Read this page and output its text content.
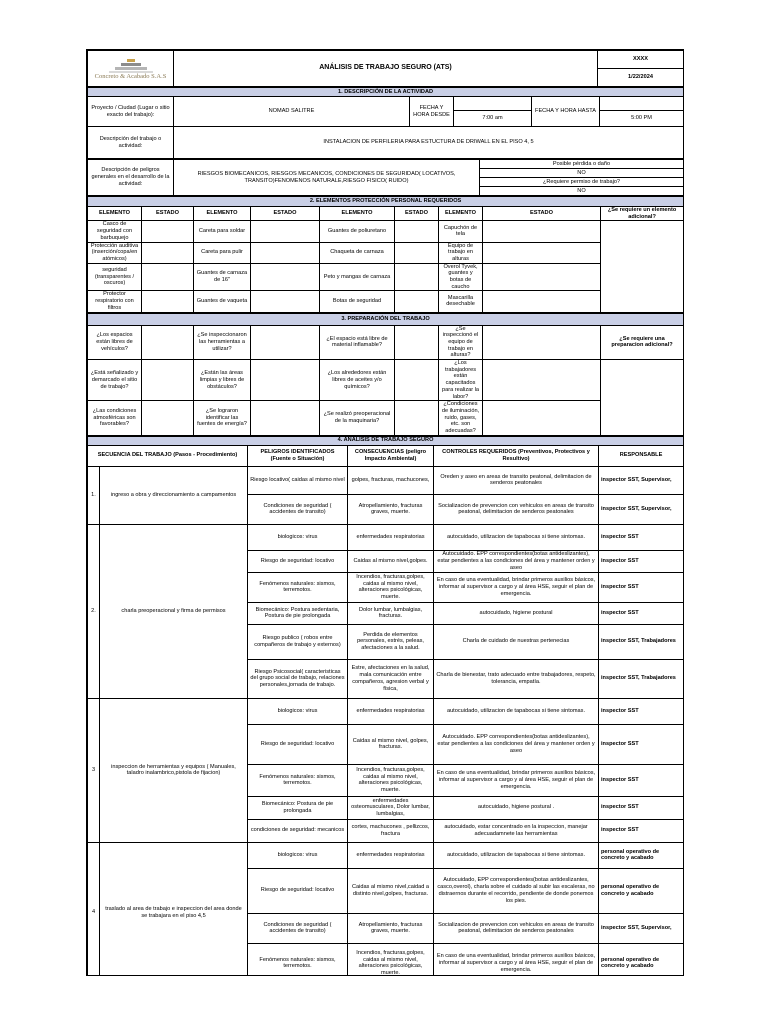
Concreto & Acabado S.A.S
	ANÁLISIS DE TRABAJO SEGURO (ATS)	XXXX
1/22/2024
1. DESCRIPCIÓN DE LA ACTIVIDAD					
Proyecto / Ciudad (Lugar o sitio exacto del trabajo):	NOMAD SALITRE	FECHA Y HORA DESDE		FECHA Y HORA HASTA	
			7:00 am		5:00 PM
Descripción del trabajo o actividad:	INSTALACION DE PERFILERIA PARA ESTUCTURA DE DRIWALL EN EL PISO 4, 5				
Descripción de peligros generales en el desarrollo de la actividad:	RIESGOS BIOMECANICOS, RIESGOS MECANICOS, CONDICIONES DE SEGURIDAD( LOCATIVOS, TRANSITO)FENOMENOS NATURALE,RIESGO FISICO( RUIDO)	Posible pérdida o daño
NO
¿Requiere permiso de trabajo?
NO
2. ELEMENTOS PROTECCIÓN PERSONAL REQUERIDOS								
ELEMENTO	ESTADO	ELEMENTO	ESTADO	ELEMENTO	ESTADO	ELEMENTO	ESTADO	¿Se requiere un elemento adicional?
Casco de seguridad con barbuquejo		Careta para soldar		Guantes de poliuretano		Capuchón de tela		
Protección auditiva (inserción/copa/en atómicos)		Careta para pulir		Chaqueta de carnaza		Equipo de trabajo en alturas		
seguridad (transparentes / oscuros)		Guantes de carnaza de 16"		Peto y mangas de carnaza		Overol Tyvek, guantes y botas de caucho		
Protector respiratorio con filtros		Guantes de vaqueta		Botas de seguridad		Mascarilla desechable		
3. PREPARACIÓN DEL TRABAJO								
¿Los espacios están libres de vehículos?		¿Se inspeccionaron las herramientas a utilizar?		¿El espacio está libre de material inflamable?		¿Se inspeccionó el equipo de trabajo en alturas?		¿Se requiere una preparacion adicional?
¿Está señalizado y demarcado el sitio de trabajo?		¿Están las áreas limpias y libres de obstáculos?		¿Los alrededores están libres de aceites y/o químicos?		¿Los trabajadores están capacitados para realizar la labor?		
¿Las condiciones atmosféricas son favorables?		¿Se lograron identificar las fuentes de energía?		¿Se realizó preoperacional de la maquinaria?		¿Condiciones de iluminación, ruido, gases, etc. son adecuadas?		
4. ANÁLISIS DE TRABAJO SEGURO					
SECUENCIA DEL TRABAJO (Pasos - Procedimiento)		PELIGROS IDENTIFICADOS (Fuente o Situación)	CONSECUENCIAS (peligro Impacto Ambiental)	CONTROLES REQUERIDOS (Preventivos, Protectivos y Resultivo)	RESPONSABLE
1.	ingreso a obra y direccionamiento a campamentos	Riesgo locativo( caidas al mismo nivel	golpes, fracturas, machucones,	Oreden y aseo en areas de transito peatonal, delimitacion de senderos peatonales	inspector SST, Supervisor,
		Condiciones de seguridad ( accidentes de transito)	Atropellamiento, fracturas graves, muerte.	Socializacion de prevencion con vehiculos en areas de transito peatonal, delimitacion de senderos peatonales	inspector SST, Supervisor,
2.	charla preoperacional y firma de permisos	biologicos: virus	enfermedades respiratorias	autocuidado, utilizacion de tapabocas si tiene sintomas.	inspector SST
		Riesgo de seguridad: locativo	Caidas al mismo nivel,golpes.	Autocuidado. EPP correspondientes(botas antideslizantes), estar pendientes a las condiciones del área y mantener orden y aseo	inspector SST
		Fenómenos naturales: sismos, terremotos.	Incendios, fracturas,golpes, caidas al mismo nivel, alteraciones psicológicas, muerte.	En caso de una eventualidad, brindar primeros auxilios básicos, informar al supervisor a cargo y al área HSE, seguir el plan de emergencia.	inspector SST
		Biomecánico: Postura sedentaria, Postura de pie prolongada	Dolor lumbar, lumbalgias, fracturas.	autocuidado, higiene postural	inspector SST
		Riesgo publico ( robos entre compañeros de trabajo y externos)	Perdida de elementos personales, estrés, peleas, afectaciones a la salud.	Charla de cuidado de nuestras pertenecias	inspector SST, Trabajadores
		Riesgo Psicosocial( caracteristicas del grupo social de trabajo, relaciones personales,jornada de trabajo.	Estre, afectaciones en la salud, mala comunicación entre compañeros, agresion verbal y física,	Charla de bienestar, trato adecuado entre trabajadores, respeto, tolerancia, empatía.	inspector SST, Trabajadores
3	inspeccion de herramientas y equipos ( Manuales, taladro inalambrico,pistola de fijacion)	biologicos: virus	enfermedades respiratorias	autocuidado, utilizacion de tapabocas si tiene sintomas.	inspector SST
		Riesgo de seguridad: locativo	Caidas al mismo nivel, golpes, fracturas.	Autocuidado. EPP correspondientes(botas antideslizantes), estar pendientes a las condiciones del área y mantener orden y aseo	inspector SST
		Fenómenos naturales: sismos, terremotos.	Incendios, fracturas,golpes, caidas al mismo nivel, alteraciones psicológicas, muerte.	En caso de una eventualidad, brindar primeros auxilios básicos, informar al supervisor a cargo y al área HSE, seguir el plan de emergencia.	inspector SST
		Biomecánico: Postura de pie prolongada	enfermedades osteomusculares, Dolor lumbar, lumbalgias,	autocuidado, higiene postural .	inspector SST
		condiciones de seguridad: mecanicos	cortes, machucones , pellizcos, fractura	autocuidado, estar concentrado en la inspeccion, manejar adecuadamnete las herramientas	inspector SST
4	traslado al area de trabajo e inspeccion del area donde se trabajara en el piso 4,5	biologicos: virus	enfermedades respiratorias	autocuidado, utilizacion de tapabocas si tiene sintomas.	personal operativo de concreto y acabado
		Riesgo de seguridad: locativo	Caidas al mismo nivel,caidad a distinto nivel,golpes, fracturas.	Autocuidado, EPP correspondientes(botas antideslizantes, casco,overol), charla sobre el cuidado al subir las escaleras, no distraernos durante el recorrido, pendiente de donde ponemos los pies.	personal operativo de concreto y acabado
		Condiciones de seguridad ( accidentes de transito)	Atropellamiento, fracturas graves, muerte.	Socializacion de prevencion con vehiculos en areas de transito peatonal, delimitacion de senderos peatonales	inspector SST, Supervisor,
		Fenómenos naturales: sismos, terremotos.	Incendios, fracturas,golpes, caidas al mismo nivel, alteraciones psicológicas, muerte.	En caso de una eventualidad, brindar primeros auxilios básicos, informar al supervisor a cargo y al área HSE, seguir el plan de emergencia.	personal operativo de concreto y acabado
